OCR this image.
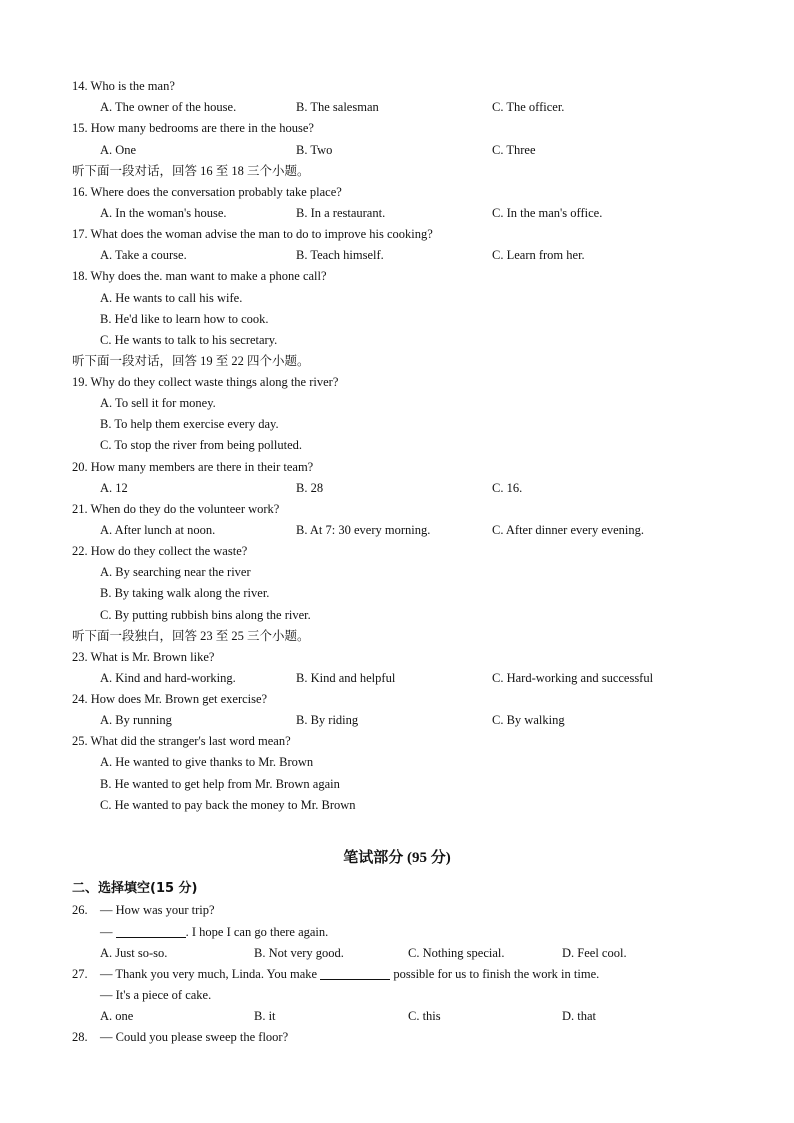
14. Who is the man?
A. The owner of the house.	B. The salesman	C. The officer.
15. How many bedrooms are there in the house?
A. One	B. Two	C. Three
听下面一段对话，回答 16 至 18 三个小题。
16. Where does the conversation probably take place?
A. In the woman's house.	B. In a restaurant.	C. In the man's office.
17. What does the woman advise the man to do to improve his cooking?
A. Take a course.	B. Teach himself.	C. Learn from her.
18. Why does the. man want to make a phone call?
A. He wants to call his wife.
B. He'd like to learn how to cook.
C. He wants to talk to his secretary.
听下面一段对话，回答 19 至 22 四个小题。
19. Why do they collect waste things along the river?
A. To sell it for money.
B. To help them exercise every day.
C. To stop the river from being polluted.
20. How many members are there in their team?
A. 12	B. 28	C. 16.
21. When do they do the volunteer work?
A. After lunch at noon.	B. At 7: 30 every morning.	C. After dinner every evening.
22. How do they collect the waste?
A. By searching near the river
B. By taking walk along the river.
C. By putting rubbish bins along the river.
听下面一段独白，回答 23 至 25 三个小题。
23. What is Mr. Brown like?
A. Kind and hard-working.	B. Kind and helpful	C. Hard-working and successful
24. How does Mr. Brown get exercise?
A. By running	B. By riding	C. By walking
25. What did the stranger's last word mean?
A. He wanted to give thanks to Mr. Brown
B. He wanted to get help from Mr. Brown again
C. He wanted to pay back the money to Mr. Brown
笔试部分 (95 分)
二、选择填空(15 分)
26. — How was your trip?
—	. I hope I can go there again.
A. Just so-so.	B. Not very good.	C. Nothing special.	D. Feel cool.
27. — Thank you very much, Linda. You make	possible for us to finish the work in time.
— It's a piece of cake.
A. one	B. it	C. this	D. that
28. — Could you please sweep the floor?
